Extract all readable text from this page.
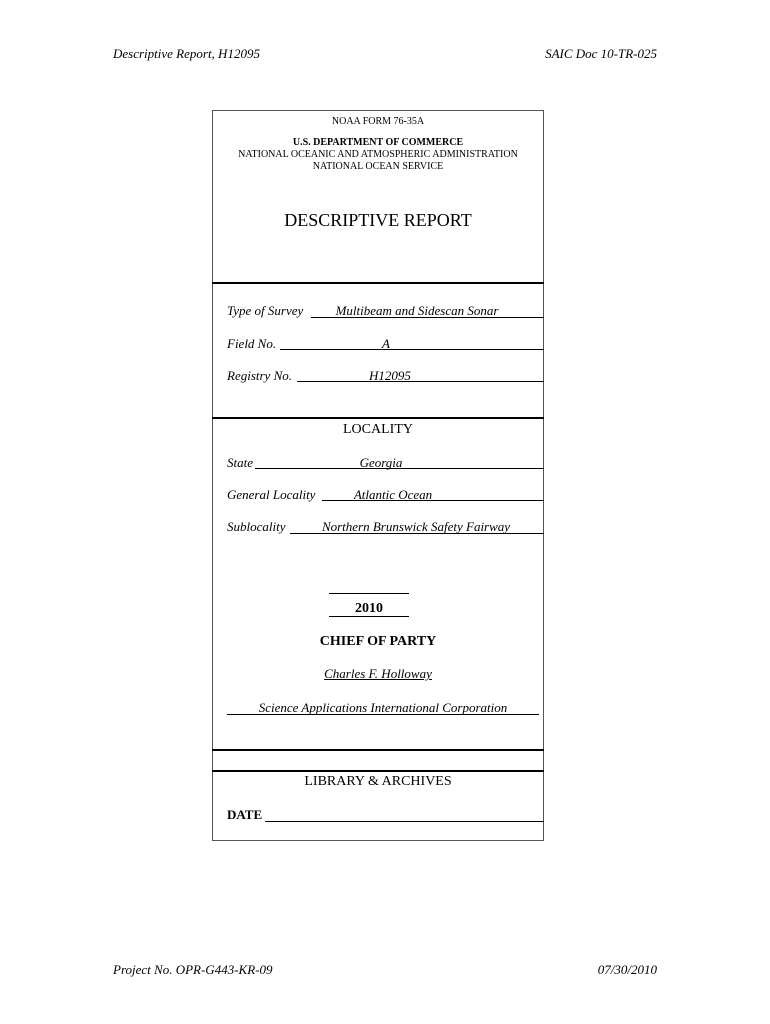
Descriptive Report, H12095	SAIC Doc 10-TR-025
NOAA FORM 76-35A
U.S. DEPARTMENT OF COMMERCE
NATIONAL OCEANIC AND ATMOSPHERIC ADMINISTRATION
NATIONAL OCEAN SERVICE
DESCRIPTIVE REPORT
Type of Survey	Multibeam and Sidescan Sonar
Field No.	A
Registry No.	H12095
LOCALITY
State	Georgia
General Locality	Atlantic Ocean
Sublocality	Northern Brunswick Safety Fairway
2010
CHIEF OF PARTY
Charles F. Holloway
Science Applications International Corporation
LIBRARY & ARCHIVES
DATE
Project No. OPR-G443-KR-09	07/30/2010
